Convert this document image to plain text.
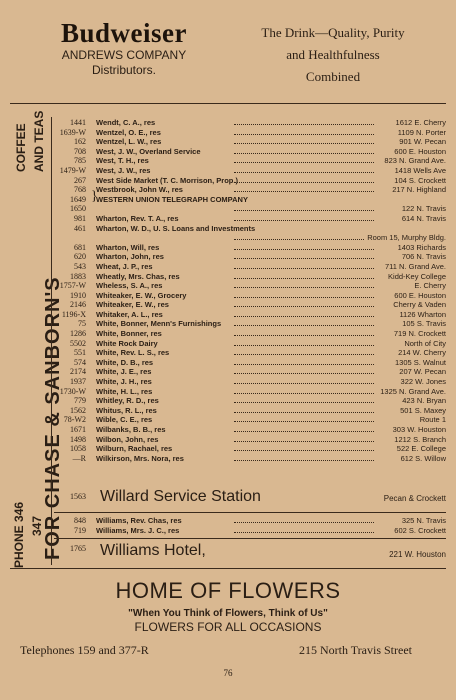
Budweiser
ANDREWS COMPANY
Distributors.
The Drink—Quality, Purity
and Healthfulness
Combined
COFFEE AND TEAS
FOR CHASE & SANBORN'S
PHONE 346
347
1441 Wendt, C. A., res	1612 E. Cherry
1639-W Wentzel, O. E., res	1109 N. Porter
162 Wentzel, L. W., res	901 W. Pecan
708 West, J. W., Overland Service	600 E. Houston
785 West, T. H., res	823 N. Grand Ave.
1479-W West, J. W., res	1418 Wells Ave
267 West Side Market (T. C. Morrison, Prop.)	104 S. Crockett
768 Westbrook, John W., res	217 N. Highland
1649 WESTERN UNION TELEGRAPH COMPANY
}
1650	122 N. Travis
981 Wharton, Rev. T. A., res	614 N. Travis
461 Wharton, W. D., U. S. Loans and Investments
Room 15, Murphy Bldg.
681 Wharton, Will, res	1403 Richards
620 Wharton, John, res	706 N. Travis
543 Wheat, J. P., res	711 N. Grand Ave.
1883 Wheatly, Mrs. Chas, res	Kidd-Key College
1757-W Wheless, S. A., res	E. Cherry
1910 Whiteaker, E. W., Grocery	600 E. Houston
2146 Whiteaker, E. W., res	Cherry & Vaden
1196-X Whitaker, A. L., res	1126 Wharton
75 White, Bonner, Menn's Furnishings	105 S. Travis
1286 White, Bonner, res	719 N. Crockett
5502 White Rock Dairy	North of City
551 White, Rev. L. S., res	214 W. Cherry
574 White, D. B., res	1305 S. Walnut
2174 White, J. E., res	207 W. Pecan
1937 White, J. H., res	322 W. Jones
1730-W White, H. L., res	1325 N. Grand Ave.
779 Whitley, R. D., res	423 N. Bryan
1562 Whitus, R. L., res	501 S. Maxey
78-W2 Wible, C. E., res	Route 1
1671 Wilbanks, B. B., res	303 W. Houston
1498 Wilbon, John, res	1212 S. Branch
1058 Wilburn, Rachael, res	522 E. College
—R Wilkirson, Mrs. Nora, res	612 S. Willow
1563 Willard Service Station	Pecan & Crockett
848 Williams, Rev. Chas, res	325 N. Travis
719 Williams, Mrs. J. C., res	602 S. Crockett
1765 Williams Hotel,	221 W. Houston
HOME OF FLOWERS
"When You Think of Flowers, Think of Us"
FLOWERS FOR ALL OCCASIONS
Telephones 159 and 377-R	215 North Travis Street
76
